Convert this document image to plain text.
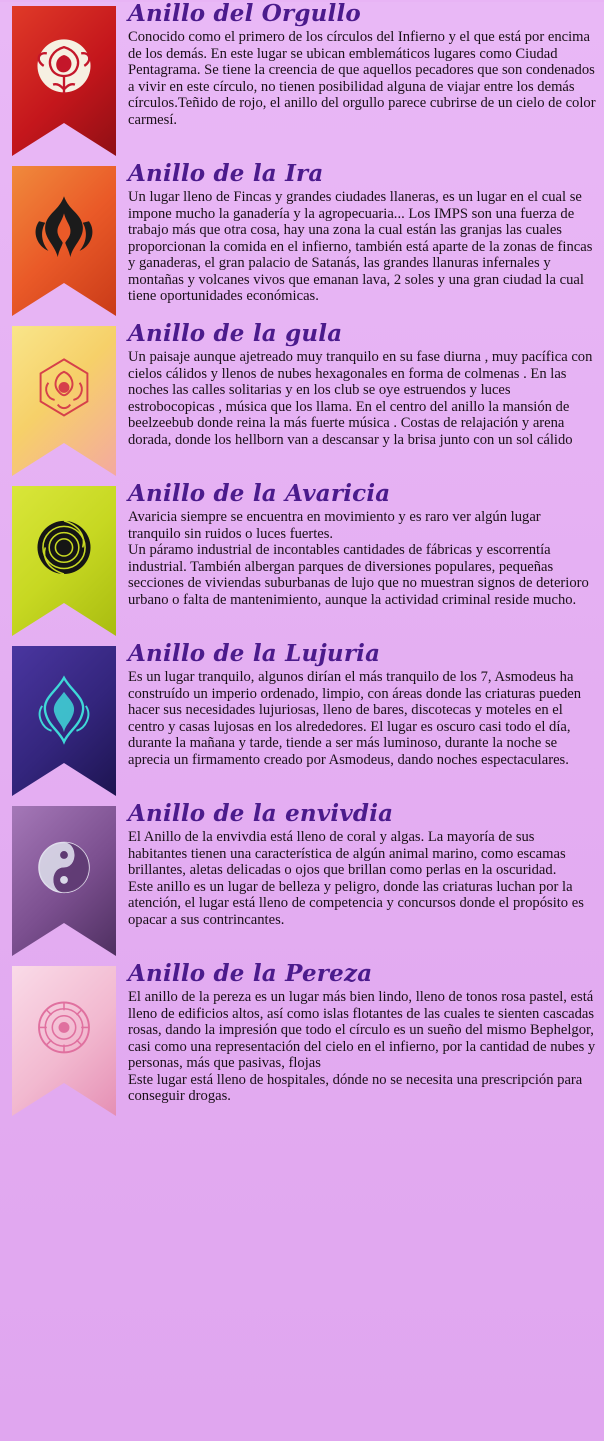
Anillo del Orgullo

Conocido como el primero de los círculos del Infierno y el que está por encima de los demás. En este lugar se ubican emblemáticos lugares como Ciudad Pentagrama. Se tiene la creencia de que aquellos pecadores que son condenados a vivir en este círculo, no tienen posibilidad alguna de viajar entre los demás círculos.Teñido de rojo, el anillo del orgullo parece cubrirse de un cielo de color carmesí.

Anillo de la Ira

Un lugar lleno de Fincas y grandes ciudades llaneras, es un lugar en el cual se impone mucho la ganadería y la agropecuaria... Los IMPS son una fuerza de trabajo más que otra cosa, hay una zona la cual están las granjas las cuales proporcionan la comida en el infierno, también está aparte de la zonas de fincas y ganaderas, el gran palacio de Satanás, las grandes llanuras infernales y montañas y volcanes vivos que emanan lava, 2 soles y una gran ciudad la cual tiene oportunidades económicas.

Anillo de la gula

Un paisaje aunque ajetreado muy tranquilo en su fase diurna , muy pacífica con cielos cálidos y llenos de nubes hexagonales en forma de colmenas . En las noches las calles solitarias y en los club se oye estruendos y luces estrobocopicas , música que los llama. En el centro del anillo la mansión de beelzeebub donde reina la más fuerte música . Costas de relajación y arena dorada, donde los hellborn van a descansar y la brisa junto con un sol cálido

Anillo de la Avaricia

Avaricia siempre se encuentra en movimiento y es raro ver algún lugar tranquilo sin ruidos o luces fuertes.

Un páramo industrial de incontables cantidades de fábricas y escorrentía industrial. También albergan parques de diversiones populares, pequeñas secciones de viviendas suburbanas de lujo que no muestran signos de deterioro urbano o falta de mantenimiento, aunque la actividad criminal reside mucho.

Anillo de la Lujuria

Es un lugar tranquilo, algunos dirían el más tranquilo de los 7, Asmodeus ha construído un imperio ordenado, limpio, con áreas donde las criaturas pueden hacer sus necesidades lujuriosas, lleno de bares, discotecas y moteles en el centro y casas lujosas en los alrededores. El lugar es oscuro casi todo el día, durante la mañana y tarde, tiende a ser más luminoso, durante la noche se aprecia un firmamento creado por Asmodeus, dando noches espectaculares.

Anillo de la envivdia

El Anillo de la envivdia está lleno de coral y algas. La mayoría de sus habitantes tienen una característica de algún animal marino, como escamas brillantes, aletas delicadas o ojos que brillan como perlas en la oscuridad.

Este anillo es un lugar de belleza y peligro, donde las criaturas luchan por la atención, el lugar está lleno de competencia y concursos donde el propósito es opacar a sus contrincantes.

Anillo de la Pereza

El anillo de la pereza es un lugar más bien lindo, lleno de tonos rosa pastel, está lleno de edificios altos, así como islas flotantes de las cuales te sienten cascadas rosas, dando la impresión que todo el círculo es un sueño del mismo Bephelgor, casi como una representación del cielo en el infierno, por la cantidad de nubes y personas, más que pasivas, flojas

Este lugar está lleno de hospitales, dónde no se necesita una prescripción para conseguir drogas.
